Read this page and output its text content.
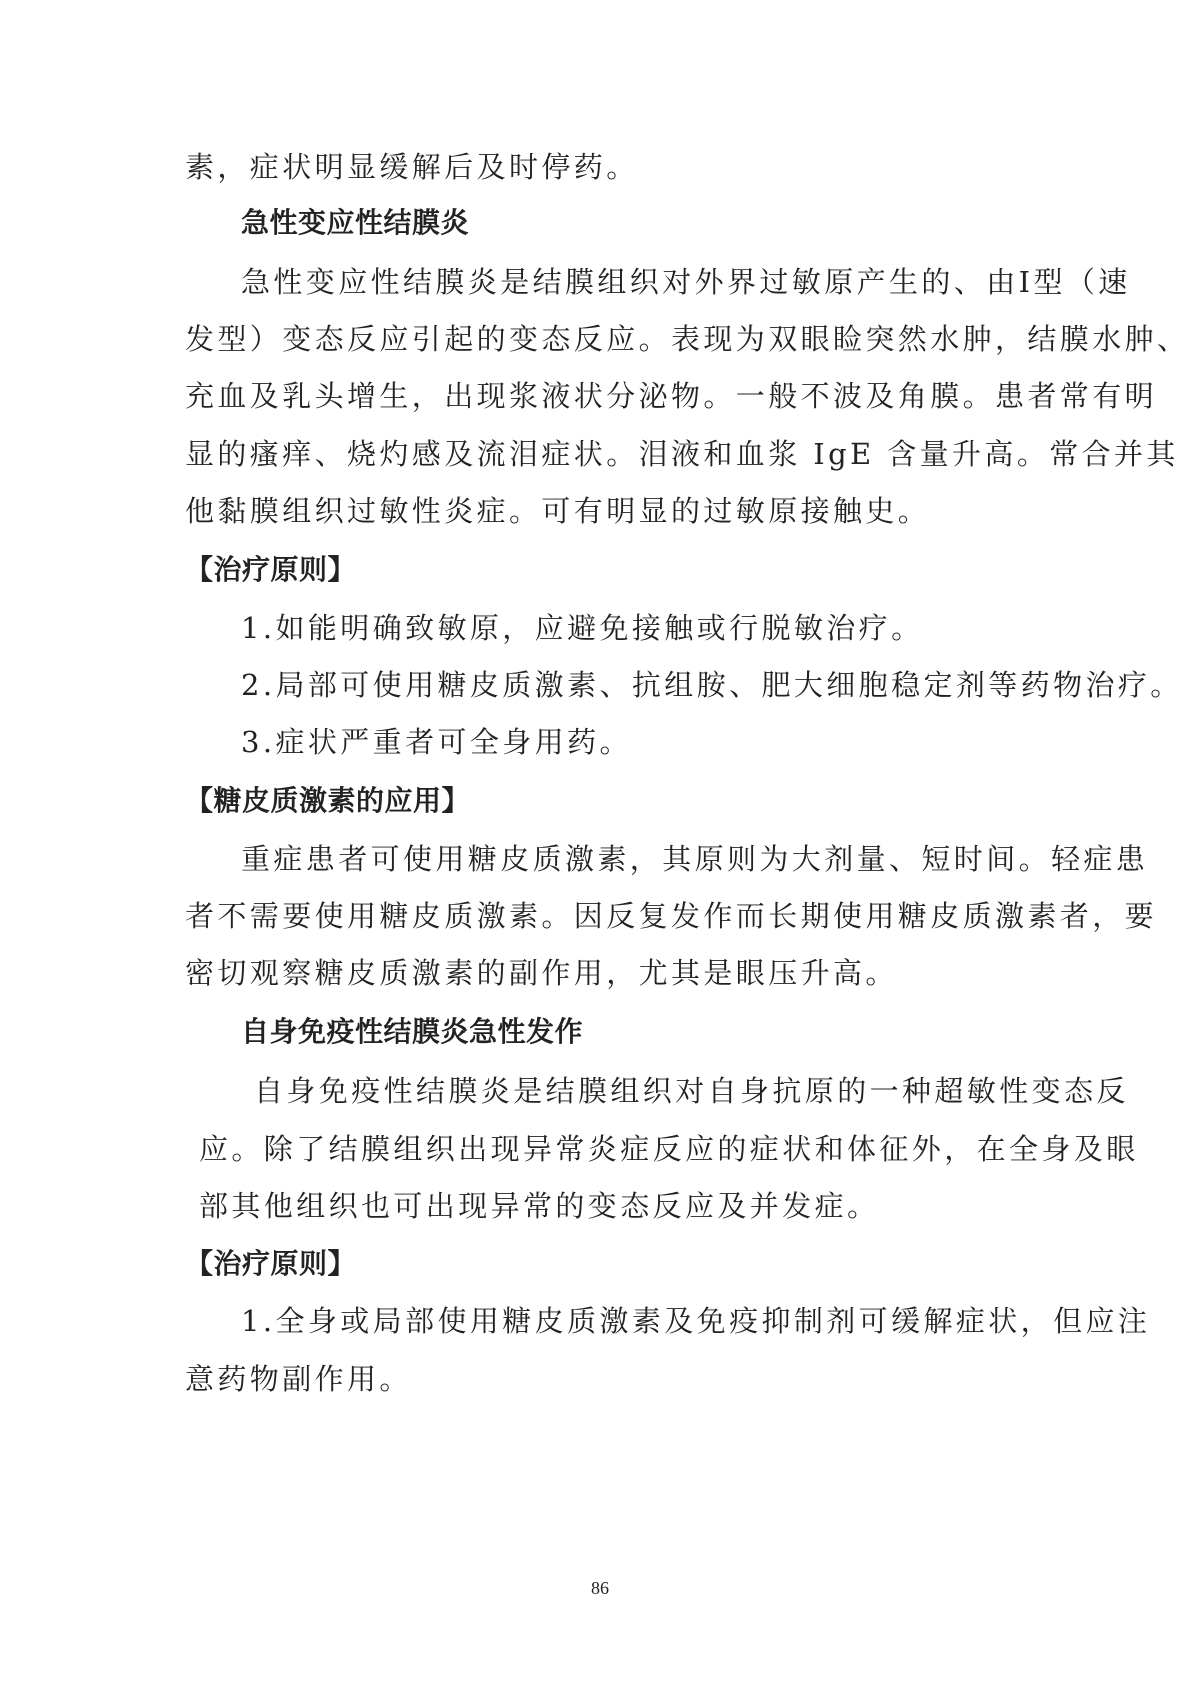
素，症状明显缓解后及时停药。
急性变应性结膜炎
急性变应性结膜炎是结膜组织对外界过敏原产生的、由Ⅰ型（速
发型）变态反应引起的变态反应。表现为双眼睑突然水肿，结膜水肿、
充血及乳头增生，出现浆液状分泌物。一般不波及角膜。患者常有明
显的瘙痒、烧灼感及流泪症状。泪液和血浆 IgE 含量升高。常合并其
他黏膜组织过敏性炎症。可有明显的过敏原接触史。
【治疗原则】
1.如能明确致敏原，应避免接触或行脱敏治疗。
2.局部可使用糖皮质激素、抗组胺、肥大细胞稳定剂等药物治疗。
3.症状严重者可全身用药。
【糖皮质激素的应用】
重症患者可使用糖皮质激素，其原则为大剂量、短时间。轻症患
者不需要使用糖皮质激素。因反复发作而长期使用糖皮质激素者，要
密切观察糖皮质激素的副作用，尤其是眼压升高。
自身免疫性结膜炎急性发作
自身免疫性结膜炎是结膜组织对自身抗原的一种超敏性变态反
应。除了结膜组织出现异常炎症反应的症状和体征外，在全身及眼
部其他组织也可出现异常的变态反应及并发症。
【治疗原则】
1.全身或局部使用糖皮质激素及免疫抑制剂可缓解症状，但应注
意药物副作用。
86
